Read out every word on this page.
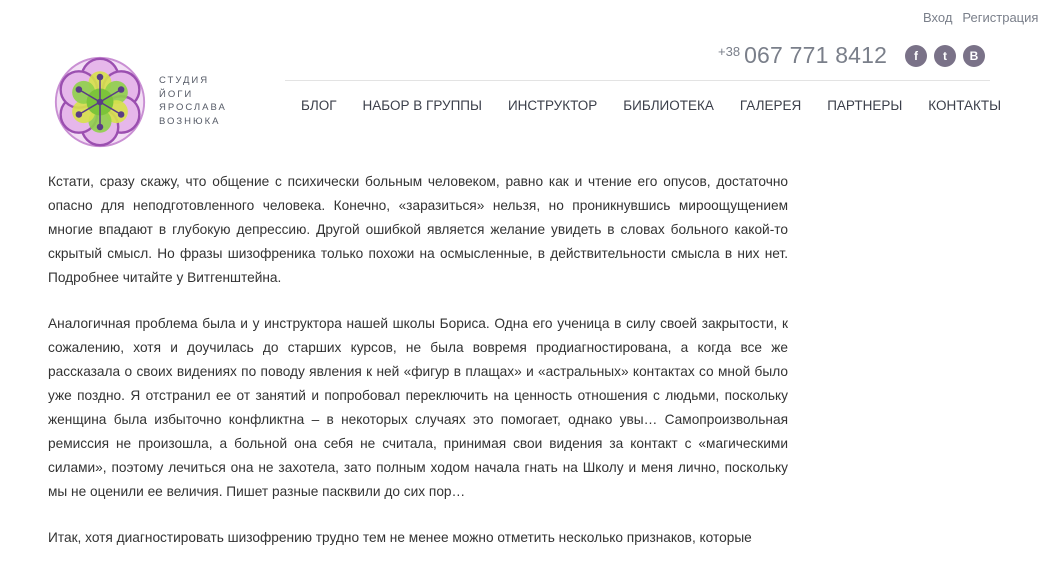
Вход Регистрация
$^{+38}$ 067 771 8412	f t B
СТУДИЯ
ЙОГИ
ЯРОСЛАВА
ВОЗНЮКА
БЛОГ НАБОР В ГРУППЫ ИНСТРУКТОР БИБЛИОТЕКА ГАЛЕРЕЯ ПАРТНЕРЫ КОНТАКТЫ

Кстати, сразу скажу, что общение с психически больным человеком, равно как и чтение его опусов, достаточно опасно для неподготовленного человека. Конечно, «заразиться» нельзя, но проникнувшись мироощущением многие впадают в глубокую депрессию. Другой ошибкой является желание увидеть в словах больного какой-то скрытый смысл. Но фразы шизофреника только похожи на осмысленные, в действительности смысла в них нет. Подробнее читайте у Витгенштейна.

Аналогичная проблема была и у инструктора нашей школы Бориса. Одна его ученица в силу своей закрытости, к сожалению, хотя и доучилась до старших курсов, не была вовремя продиагностирована, а когда все же рассказала о своих видениях по поводу явления к ней «фигур в плащах» и «астральных» контактах со мной было уже поздно. Я отстранил ее от занятий и попробовал переключить на ценность отношения с людьми, поскольку женщина была избыточно конфликтна – в некоторых случаях это помогает, однако увы… Самопроизвольная ремиссия не произошла, а больной она себя не считала, принимая свои видения за контакт с «магическими силами», поэтому лечиться она не захотела, зато полным ходом начала гнать на Школу и меня лично, поскольку мы не оценили ее величия. Пишет разные пасквили до сих пор…

Итак, хотя диагностировать шизофрению трудно тем не менее можно отметить несколько признаков, которые
